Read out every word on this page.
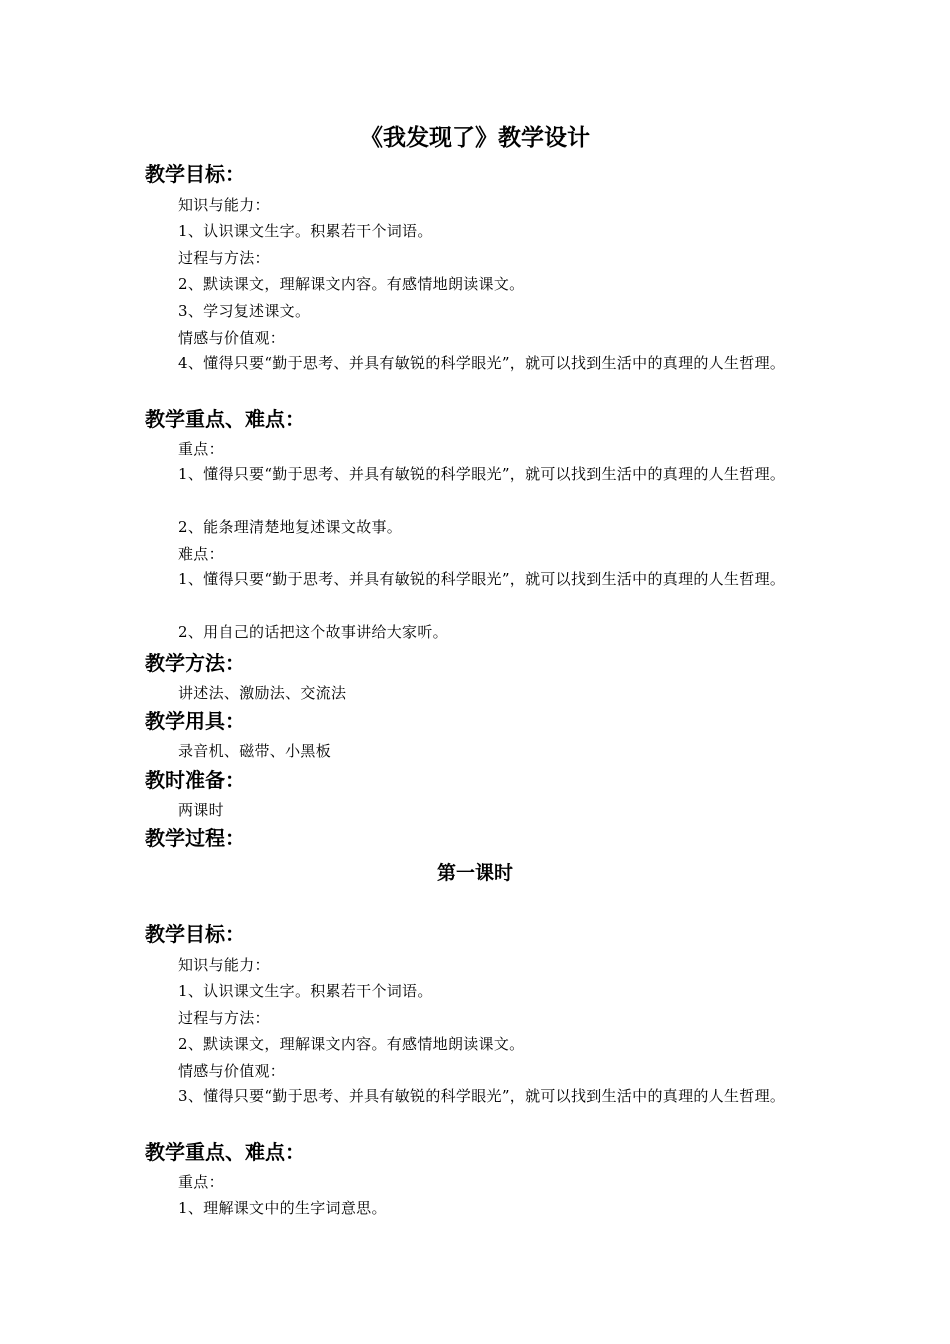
《我发现了》教学设计
教学目标：
知识与能力：
1、认识课文生字。积累若干个词语。
过程与方法：
2、默读课文，理解课文内容。有感情地朗读课文。
3、学习复述课文。
情感与价值观：
4、懂得只要“勤于思考、并具有敏锐的科学眼光”，就可以找到生活中的真理的人生哲理。
教学重点、难点：
重点：
1、懂得只要“勤于思考、并具有敏锐的科学眼光”，就可以找到生活中的真理的人生哲理。
2、能条理清楚地复述课文故事。
难点：
1、懂得只要“勤于思考、并具有敏锐的科学眼光”，就可以找到生活中的真理的人生哲理。
2、用自己的话把这个故事讲给大家听。
教学方法：
讲述法、激励法、交流法
教学用具：
录音机、磁带、小黑板
教时准备：
两课时
教学过程：
第一课时
教学目标：
知识与能力：
1、认识课文生字。积累若干个词语。
过程与方法：
2、默读课文，理解课文内容。有感情地朗读课文。
情感与价值观：
3、懂得只要“勤于思考、并具有敏锐的科学眼光”，就可以找到生活中的真理的人生哲理。
教学重点、难点：
重点：
1、理解课文中的生字词意思。
